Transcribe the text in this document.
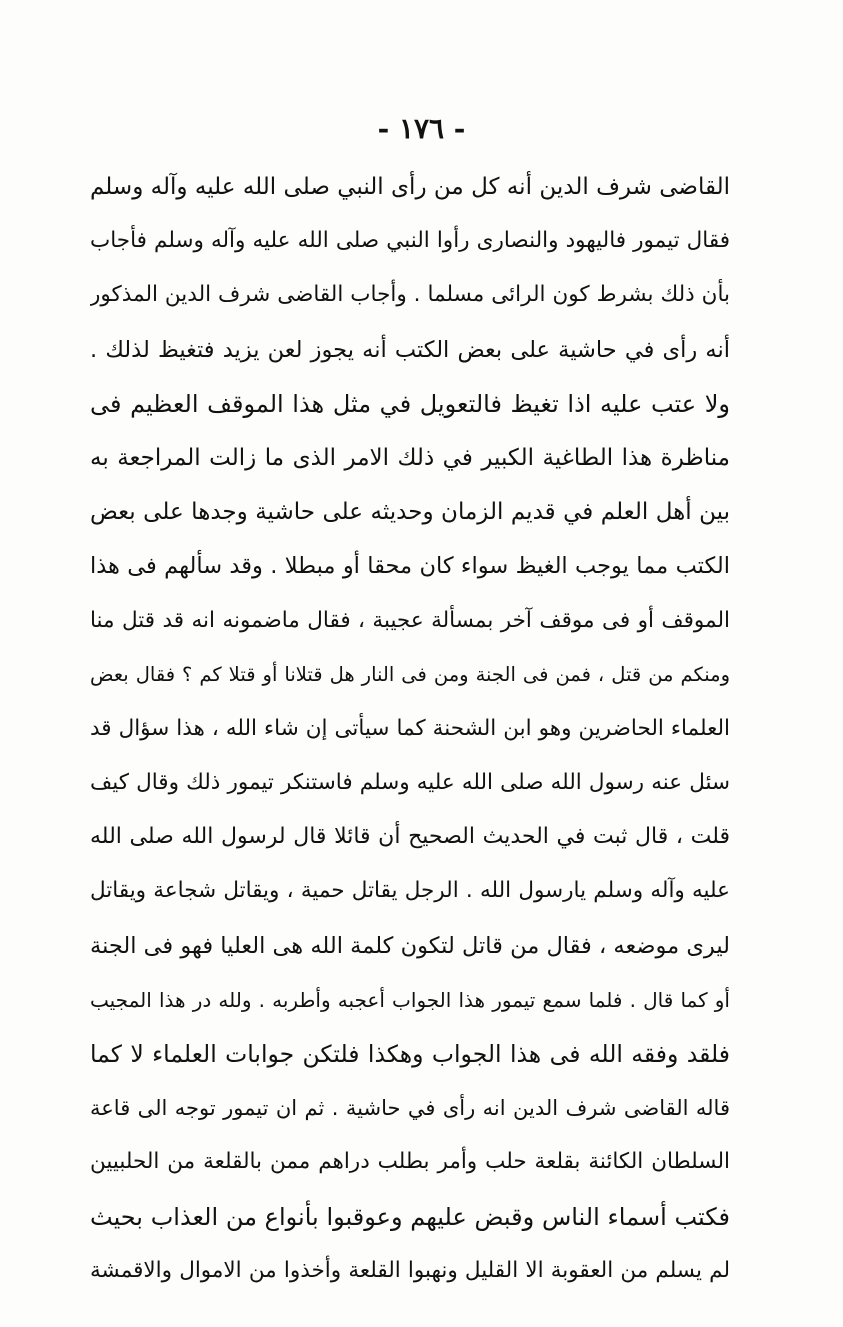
- ١٧٦ -
القاضى شرف الدين أنه كل من رأى النبي صلى الله عليه وآله وسلم
فقال تيمور فاليهود والنصارى رأوا النبي صلى الله عليه وآله وسلم فأجاب
بأن ذلك بشرط كون الرائى مسلما . وأجاب القاضى شرف الدين المذكور
أنه رأى في حاشية على بعض الكتب أنه يجوز لعن يزيد فتغيظ لذلك .
ولا عتب عليه اذا تغيظ فالتعويل في مثل هذا الموقف العظيم فى
مناظرة هذا الطاغية الكبير في ذلك الامر الذى ما زالت المراجعة به
بين أهل العلم في قديم الزمان وحديثه على حاشية وجدها على بعض
الكتب مما يوجب الغيظ سواء كان محقا أو مبطلا . وقد سألهم فى هذا
الموقف أو فى موقف آخر بمسألة عجيبة ، فقال ماضمونه انه قد قتل منا
ومنكم من قتل ، فمن فى الجنة ومن فى النار هل قتلانا أو قتلا كم ؟ فقال بعض
العلماء الحاضرين وهو ابن الشحنة كما سيأتى إن شاء الله ، هذا سؤال قد
سئل عنه رسول الله صلى الله عليه وسلم فاستنكر تيمور ذلك وقال كيف
قلت ، قال ثبت في الحديث الصحيح أن قائلا قال لرسول الله صلى الله
عليه وآله وسلم يارسول الله . الرجل يقاتل حمية ، ويقاتل شجاعة ويقاتل
ليرى موضعه ، فقال من قاتل لتكون كلمة الله هى العليا فهو فى الجنة
أو كما قال . فلما سمع تيمور هذا الجواب أعجبه وأطربه . ولله در هذا المجيب
فلقد وفقه الله فى هذا الجواب وهكذا فلتكن جوابات العلماء لا كما
قاله القاضى شرف الدين انه رأى في حاشية . ثم ان تيمور توجه الى قاعة
السلطان الكائنة بقلعة حلب وأمر بطلب دراهم ممن بالقلعة من الحلبيين
فكتب أسماء الناس وقبض عليهم وعوقبوا بأنواع من العذاب بحيث
لم يسلم من العقوبة الا القليل ونهبوا القلعة وأخذوا من الاموال والاقمشة
